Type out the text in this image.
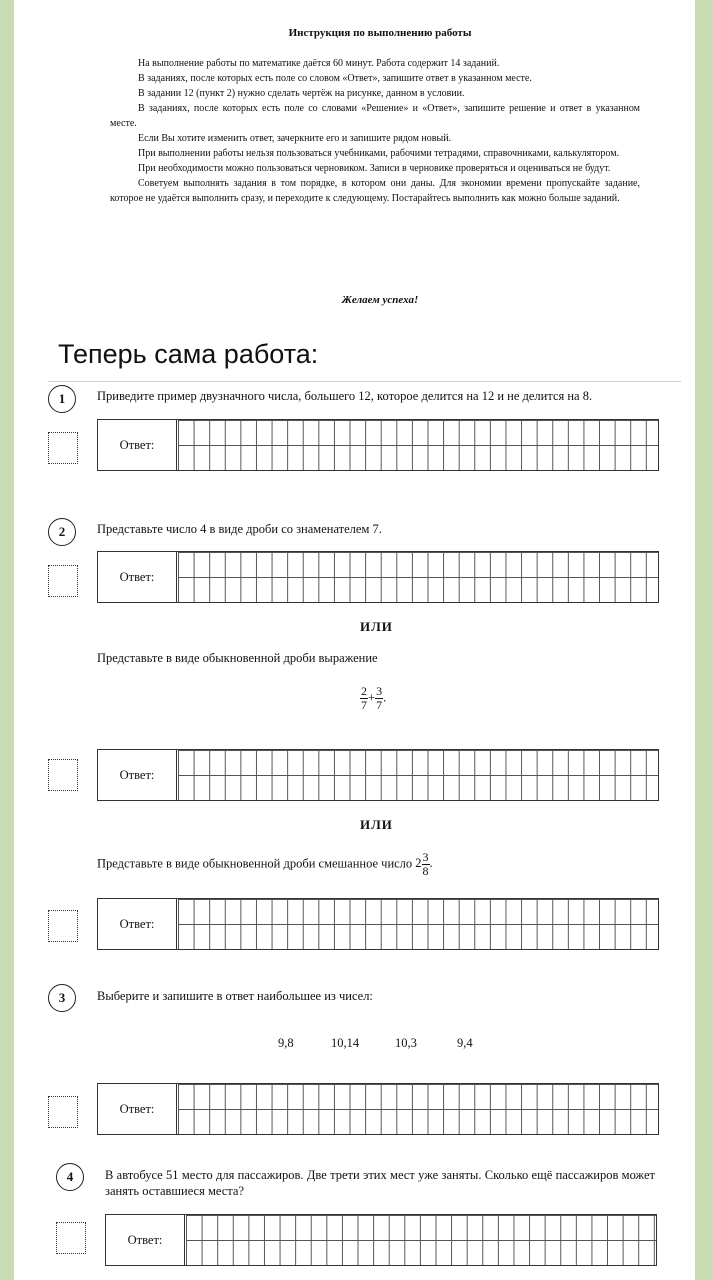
Инструкция по выполнению работы

На выполнение работы по математике даётся 60 минут. Работа содержит 14 заданий.

В заданиях, после которых есть поле со словом «Ответ», запишите ответ в указанном месте.

В задании 12 (пункт 2) нужно сделать чертёж на рисунке, данном в условии.

В заданиях, после которых есть поле со словами «Решение» и «Ответ», запишите решение и ответ в указанном месте.

Если Вы хотите изменить ответ, зачеркните его и запишите рядом новый.

При выполнении работы нельзя пользоваться учебниками, рабочими тетрадями, справочниками, калькулятором.

При необходимости можно пользоваться черновиком. Записи в черновике проверяться и оцениваться не будут.

Советуем выполнять задания в том порядке, в котором они даны. Для экономии времени пропускайте задание, которое не удаётся выполнить сразу, и переходите к следующему. Постарайтесь выполнить как можно больше заданий.

Желаем успеха!
Теперь сама работа:
1	Приведите пример двузначного числа, большего 12, которое делится на 12 и не делится на 8.
Ответ:
2	Представьте число 4 в виде дроби со знаменателем 7.
Ответ:
ИЛИ
Представьте в виде обыкновенной дроби выражение
$\frac{2}{7} + \frac{3}{7}$ .
Ответ:
ИЛИ
Представьте в виде обыкновенной дроби смешанное число $2 \frac{3}{8}$ .
Ответ:
3	Выберите и запишите в ответ наибольшее из чисел:
9,8	10,14	10,3	9,4
Ответ:
4	В автобусе 51 место для пассажиров. Две трети этих мест уже заняты. Сколько ещё пассажиров может занять оставшиеся места?
Ответ:
